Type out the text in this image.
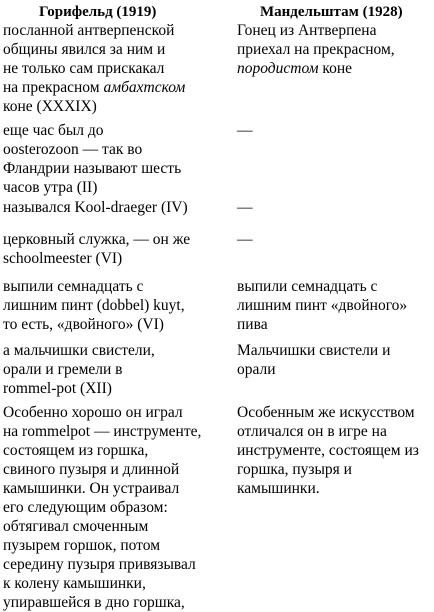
Горифельд (1919)	Мандельштам (1928)
посланной антверпенской
общины явился за ним и
не только сам прискакал
на прекрасном амбахтском
коне (XXXIX)
Гонец из Антверпена
приехал на прекрасном,
породистом коне
еще час был до
oosterozoon — так во
Фландрии называют шесть
часов утра (II)
—
назывался Kool-draeger (IV)	—
церковный служка, — он же
schoolmeester (VI)
—
выпили семнадцать с
лишним пинт (dobbel) kuyt,
то есть, «двойного» (VI)
выпили семнадцать с
лишним пинт «двойного»
пива
а мальчишки свистели,
орали и гремели в
rommel-pot (XII)
Мальчишки свистели и
орали
Особенно хорошо он играл
на rommelpot — инструменте,
состоящем из горшка,
свиного пузыря и длинной
камышинки. Он устраивал
его следующим образом:
обтягивал смоченным
пузырем горшок, потом
середину пузыря привязывал
к колену камышинки,
упиравшейся в дно горшка,
Особенным же искусством
отличался он в игре на
инструменте, состоящем из
горшка, пузыря и
камышинки.
